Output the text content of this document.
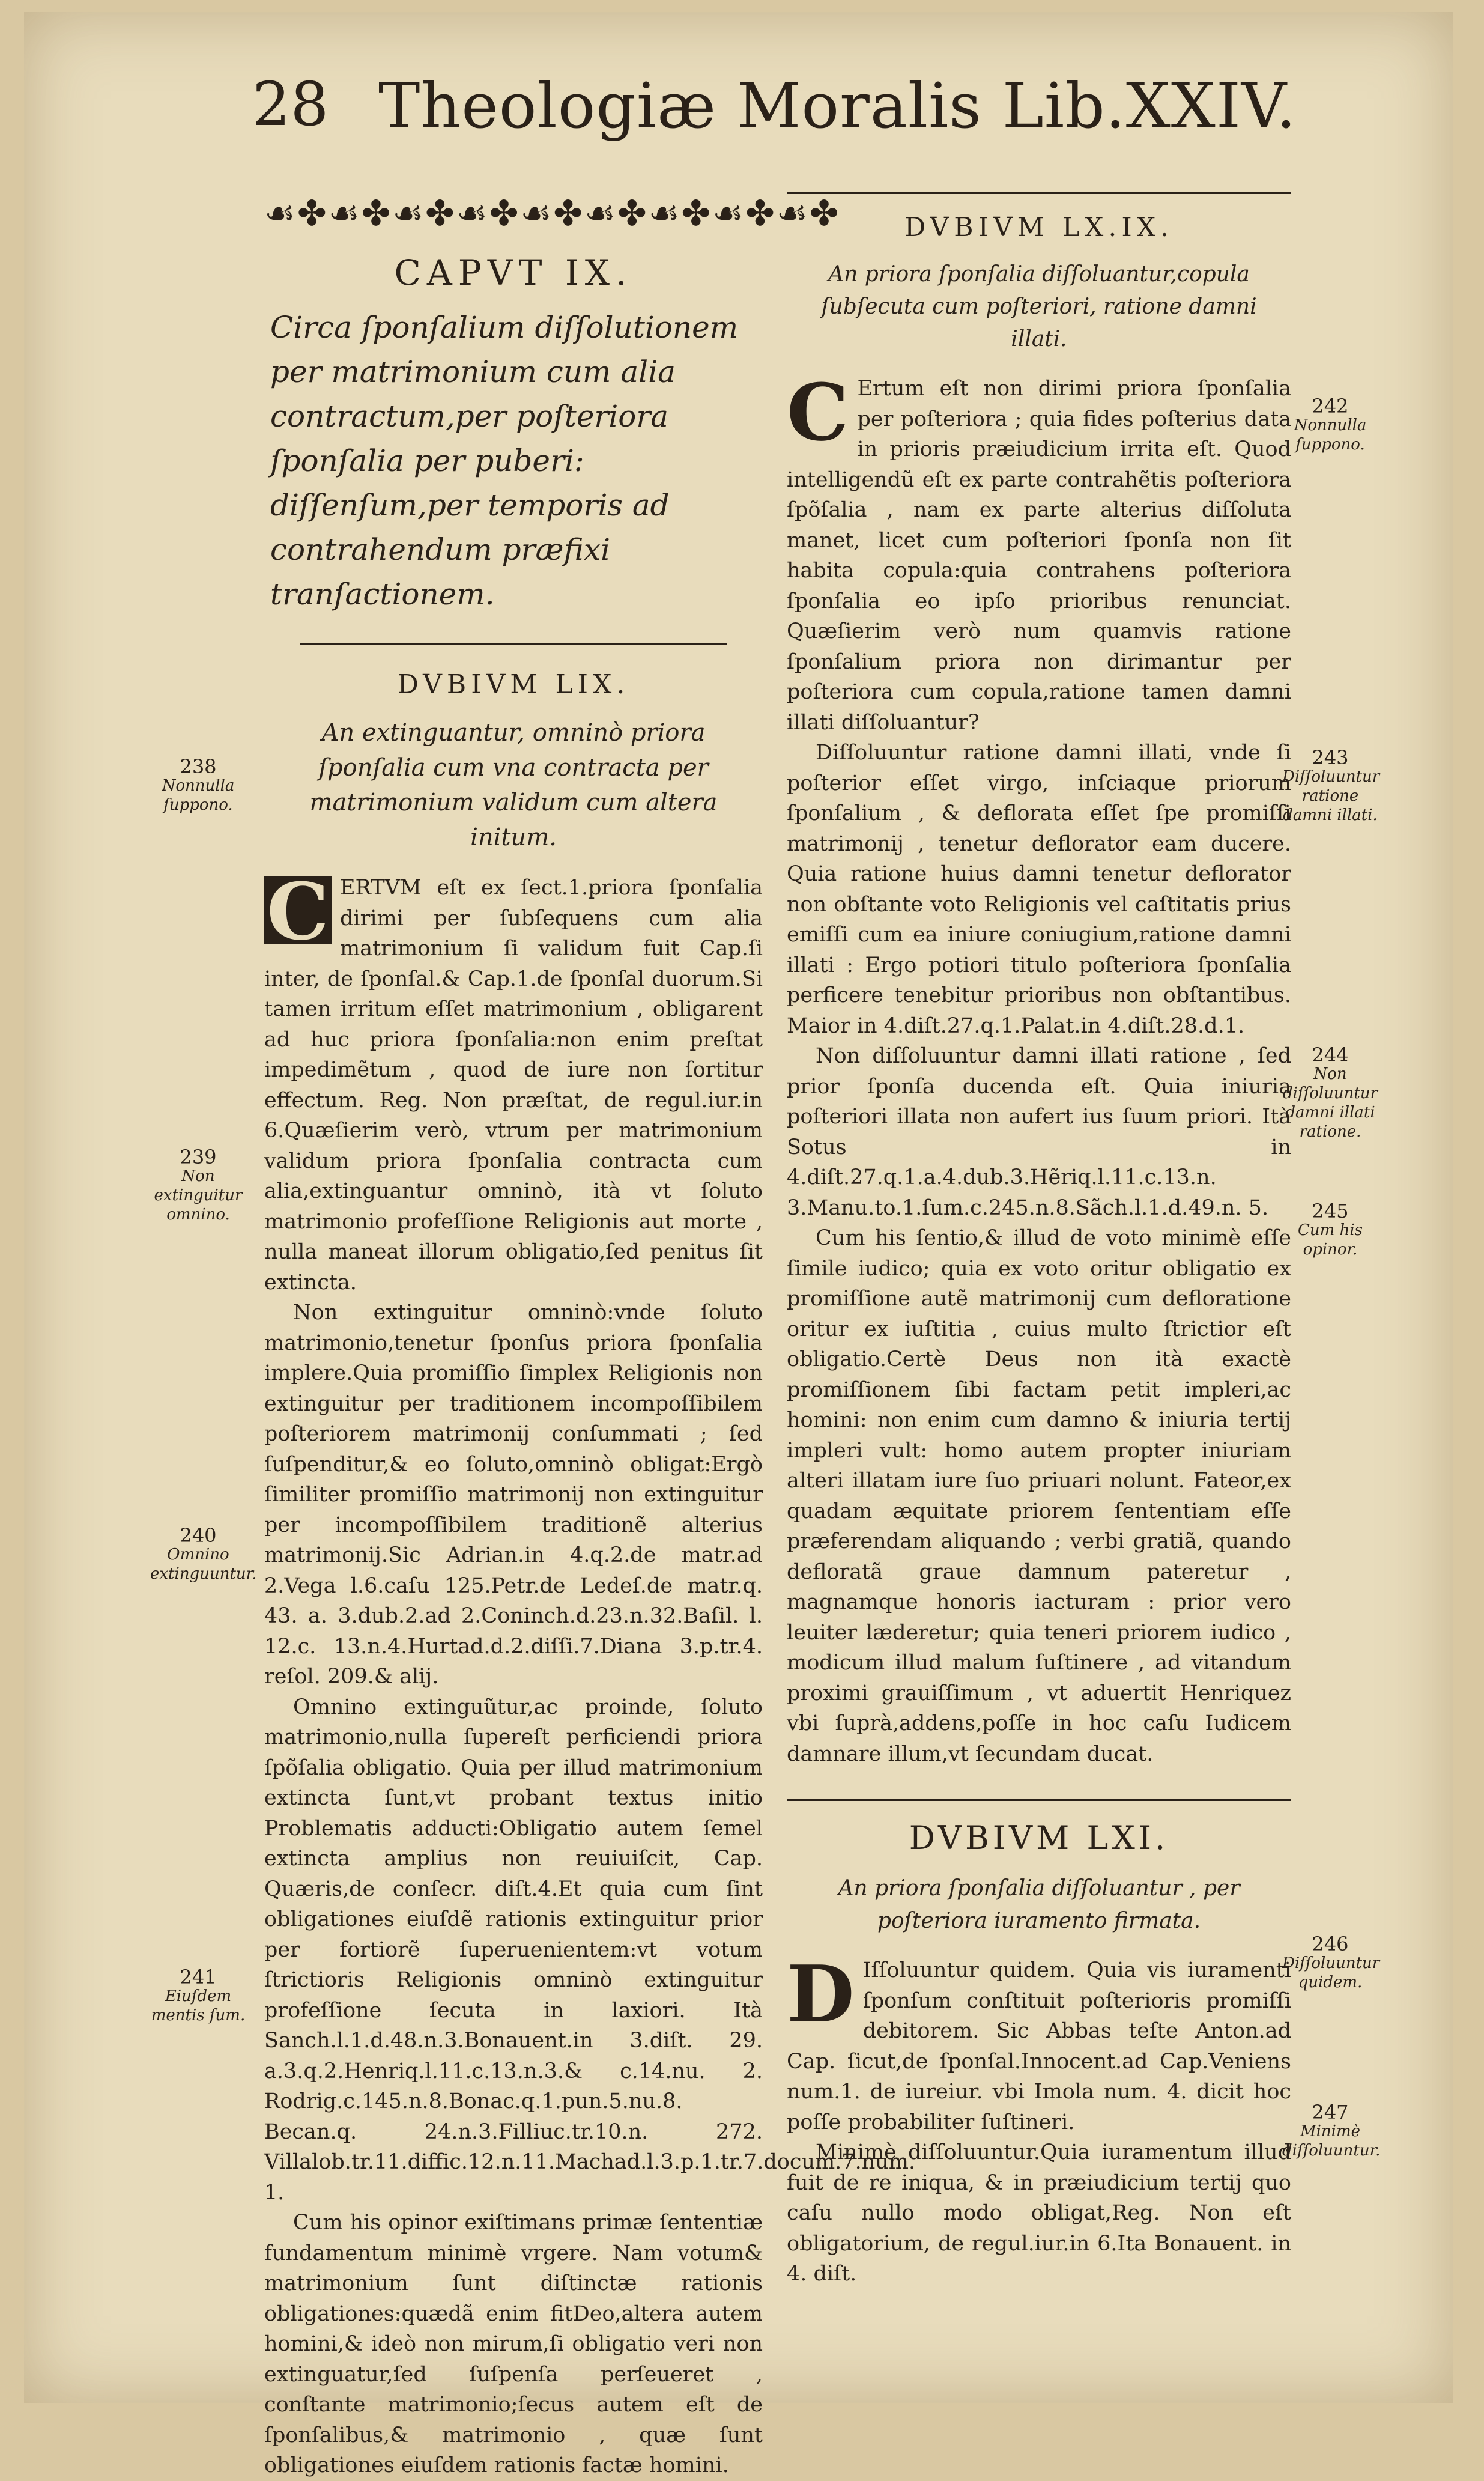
28 Theologiæ Moralis Lib.XXIV.
☙✤☙✤☙✤☙✤☙✤☙✤☙✤☙✤☙✤
CAPVT IX.
Circa ſponſalium diſſolutionem per matrimonium cum alia contractum,per poſteriora ſponſalia per puberi: diſſenſum,per temporis ad contrahendum præfixi tranſactionem.
DVBIVM LIX.
An extinguantur, omninò priora ſponſalia cum vna contracta per matrimonium validum cum altera initum.

C ERTVM eſt ex ſect.1.priora ſponſalia dirimi per ſubſequens cum alia matrimonium ſi validum fuit Cap.ſi inter, de ſponſal.& Cap.1.de ſponſal duorum.Si tamen irritum eſſet matrimonium , obligarent ad huc priora ſponſalia:non enim preſtat impedimẽtum , quod de iure non ſortitur effectum. Reg. Non præſtat, de regul.iur.in 6.Quæſierim verò, vtrum per matrimonium validum priora ſponſalia contracta cum alia,extinguantur omninò, ità vt ſoluto matrimonio profeſſione Religionis aut morte , nulla maneat illorum obligatio,ſed penitus ſit extincta.

Non extinguitur omninò:vnde ſoluto matrimonio,tenetur ſponſus priora ſponſalia implere.Quia promiſſio ſimplex Religionis non extinguitur per traditionem incompoſſibilem poſteriorem matrimonij conſummati ; ſed ſuſpenditur,& eo ſoluto,omninò obligat:Ergò ſimiliter promiſſio matrimonij non extinguitur per incompoſſibilem traditionẽ alterius matrimonij.Sic Adrian.in 4.q.2.de matr.ad 2.Vega l.6.caſu 125.Petr.de Ledeſ.de matr.q. 43. a. 3.dub.2.ad 2.Coninch.d.23.n.32.Baſil. l. 12.c. 13.n.4.Hurtad.d.2.diſſi.7.Diana 3.p.tr.4. reſol. 209.& alij.

Omnino extinguũtur,ac proinde, ſoluto matrimonio,nulla ſupereſt perficiendi priora ſpõſalia obligatio. Quia per illud matrimonium extincta ſunt,vt probant textus initio Problematis adducti:Obligatio autem ſemel extincta amplius non reuiuiſcit, Cap. Quæris,de conſecr. diſt.4.Et quia cum ſint obligationes eiuſdẽ rationis extinguitur prior per fortiorẽ ſuperuenientem:vt votum ſtrictioris Religionis omninò extinguitur profeſſione ſecuta in laxiori. Ità Sanch.l.1.d.48.n.3.Bonauent.in 3.diſt. 29. a.3.q.2.Henriq.l.11.c.13.n.3.& c.14.nu. 2. Rodrig.c.145.n.8.Bonac.q.1.pun.5.nu.8. Becan.q. 24.n.3.Filliuc.tr.10.n. 272. Villalob.tr.11.diffic.12.n.11.Machad.l.3.p.1.tr.7.docum.7.num. 1.

Cum his opinor exiſtimans primæ ſententiæ fundamentum minimè vrgere. Nam votum& matrimonium ſunt diſtinctæ rationis obligationes:quædã enim fitDeo,altera autem homini,& ideò non mirum,ſi obligatio veri non extinguatur,ſed ſuſpenſa perſeueret , conſtante matrimonio;ſecus autem eſt de ſponſalibus,& matrimonio , quæ ſunt obligationes eiuſdem rationis factæ homini.

DVBIVM LX.IX.
An priora ſponſalia diſſoluantur,copula ſubſecuta cum poſteriori, ratione damni illati.

C Ertum eſt non dirimi priora ſponſalia per poſteriora ; quia fides poſterius data in prioris præiudicium irrita eſt. Quod intelligendũ eſt ex parte contrahẽtis poſteriora ſpõſalia , nam ex parte alterius diſſoluta manet, licet cum poſteriori ſponſa non ſit habita copula:quia contrahens poſteriora ſponſalia eo ipſo prioribus renunciat. Quæſierim verò num quamvis ratione ſponſalium priora non dirimantur per poſteriora cum copula,ratione tamen damni illati diſſoluantur?

Diſſoluuntur ratione damni illati, vnde ſi poſterior eſſet virgo, inſciaque priorum ſponſalium , & deflorata eſſet ſpe promiſſi matrimonij , tenetur deflorator eam ducere. Quia ratione huius damni tenetur deflorator non obſtante voto Religionis vel caſtitatis prius emiſſi cum ea iniure coniugium,ratione damni illati : Ergo potiori titulo poſteriora ſponſalia perficere tenebitur prioribus non obſtantibus. Maior in 4.diſt.27.q.1.Palat.in 4.diſt.28.d.1.

Non diſſoluuntur damni illati ratione , ſed prior ſponſa ducenda eſt. Quia iniuria poſteriori illata non aufert ius ſuum priori. Ità Sotus in 4.diſt.27.q.1.a.4.dub.3.Hẽriq.l.11.c.13.n. 3.Manu.to.1.ſum.c.245.n.8.Sãch.l.1.d.49.n. 5.

Cum his ſentio,& illud de voto minimè eſſe ſimile iudico; quia ex voto oritur obligatio ex promiſſione autẽ matrimonij cum defloratione oritur ex iuſtitia , cuius multo ſtrictior eſt obligatio.Certè Deus non ità exactè promiſſionem ſibi factam petit impleri,ac homini: non enim cum damno & iniuria tertij impleri vult: homo autem propter iniuriam alteri illatam iure ſuo priuari nolunt. Fateor,ex quadam æquitate priorem ſententiam eſſe præferendam aliquando ; verbi gratiã, quando defloratã graue damnum pateretur , magnamque honoris iacturam : prior vero leuiter læderetur; quia teneri priorem iudico , modicum illud malum ſuſtinere , ad vitandum proximi grauiſſimum , vt aduertit Henriquez vbi ſuprà,addens,poſſe in hoc caſu Iudicem damnare illum,vt ſecundam ducat.

DVBIVM LXI.
An priora ſponſalia diſſoluantur , per poſteriora iuramento firmata.

D Iſſoluuntur quidem. Quia vis iuramenti ſponſum conſtituit poſterioris promiſſi debitorem. Sic Abbas teſte Anton.ad Cap. ſicut,de ſponſal.Innocent.ad Cap.Veniens num.1. de iureiur. vbi Imola num. 4. dicit hoc poſſe probabiliter ſuſtineri.

Minimè diſſoluuntur.Quia iuramentum illud fuit de re iniqua, & in præiudicium tertij quo caſu nullo modo obligat,Reg. Non eſt obligatorium, de regul.iur.in 6.Ita Bonauent. in 4. diſt.

238
Nonnulla ſuppono.
239
Non extinguitur omnino.
240
Omnino extinguuntur.
241
Eiuſdem mentis ſum.
242
Nonnulla ſuppono.
243
Diſſoluuntur ratione damni illati.
244
Non diſſoluuntur damni illati ratione.
245
Cum his opinor.
246
Diſſoluuntur quidem.
247
Minimè diſſoluuntur.
